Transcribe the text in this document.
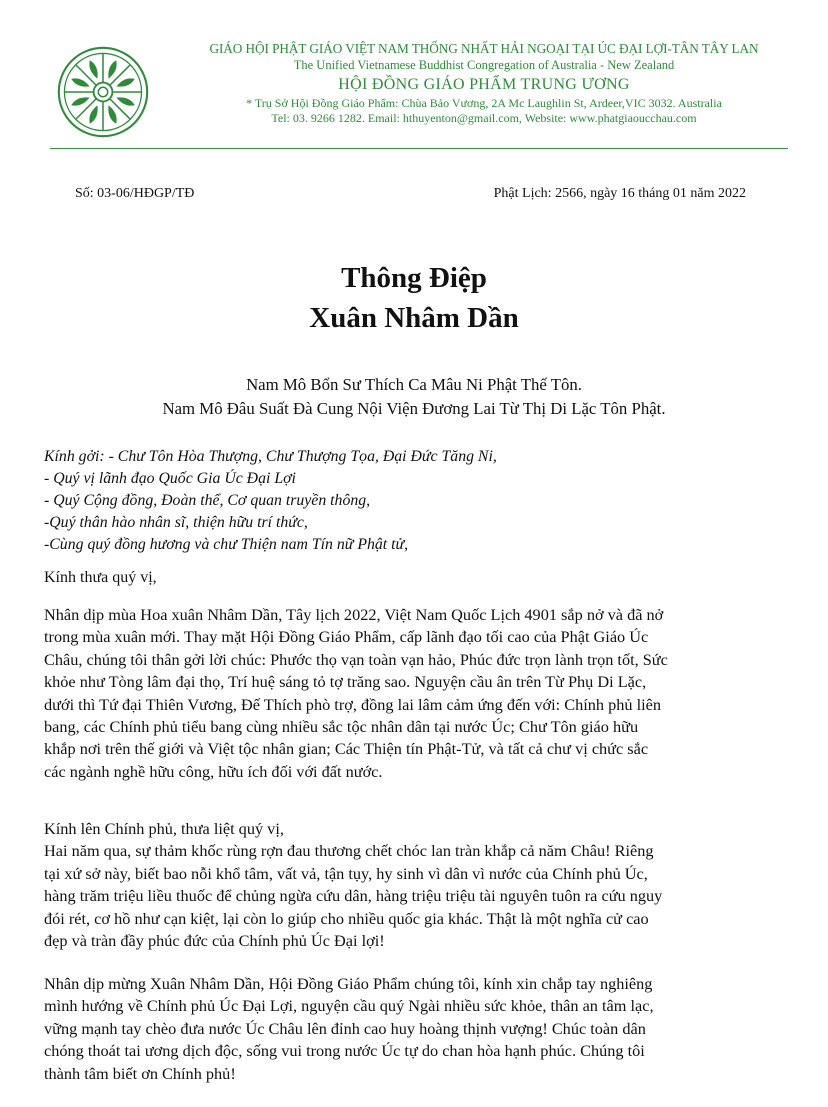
GIÁO HỘI PHẬT GIÁO VIỆT NAM THỐNG NHẤT HẢI NGOẠI TẠI ÚC ĐẠI LỢI-TÂN TÂY LAN
The Unified Vietnamese Buddhist Congregation of Australia - New Zealand
HỘI ĐỒNG GIÁO PHẨM TRUNG ƯƠNG
* Trụ Sở Hội Đồng Giáo Phẩm: Chùa Bảo Vương, 2A Mc Laughlin St, Ardeer,VIC 3032. Australia
Tel: 03. 9266 1282. Email: hthuyenton@gmail.com, Website: www.phatgiaoucchau.com
Số: 03-06/HĐGP/TĐ	Phật Lịch: 2566, ngày 16 tháng 01 năm 2022
Thông Điệp
Xuân Nhâm Dần
Nam Mô Bổn Sư Thích Ca Mâu Ni Phật Thế Tôn.
Nam Mô Đâu Suất Đà Cung Nội Viện Đương Lai Từ Thị Di Lặc Tôn Phật.
Kính gởi: - Chư Tôn Hòa Thượng, Chư Thượng Tọa, Đại Đức Tăng Ni,
- Quý vị lãnh đạo Quốc Gia Úc Đại Lợi
- Quý Cộng đồng, Đoàn thể, Cơ quan truyền thông,
-Quý thân hào nhân sĩ, thiện hữu trí thức,
-Cùng quý đồng hương và chư Thiện nam Tín nữ Phật tử,
Kính thưa quý vị,
Nhân dịp mùa Hoa xuân Nhâm Dần, Tây lịch 2022, Việt Nam Quốc Lịch 4901 sắp nở và đã nở
trong mùa xuân mới. Thay mặt Hội Đồng Giáo Phẩm, cấp lãnh đạo tối cao của Phật Giáo Úc
Châu, chúng tôi thân gởi lời chúc: Phước thọ vạn toàn vạn hảo, Phúc đức trọn lành trọn tốt, Sức
khỏe như Tòng lâm đại thọ, Trí huệ sáng tỏ tợ trăng sao. Nguyện cầu ân trên Từ Phụ Di Lặc,
dưới thì Tứ đại Thiên Vương, Đế Thích phò trợ, đồng lai lâm cảm ứng đến với: Chính phủ liên
bang, các Chính phủ tiểu bang cùng nhiều sắc tộc nhân dân tại nước Úc; Chư Tôn giáo hữu
khắp nơi trên thế giới và Việt tộc nhân gian; Các Thiện tín Phật-Tử, và tất cả chư vị chức sắc
các ngành nghề hữu công, hữu ích đối với đất nước.
Kính lên Chính phủ, thưa liệt quý vị,
Hai năm qua, sự thảm khốc rùng rợn đau thương chết chóc lan tràn khắp cả năm Châu! Riêng
tại xứ sở này, biết bao nỗi khổ tâm, vất vả, tận tụy, hy sinh vì dân vì nước của Chính phủ Úc,
hàng trăm triệu liều thuốc để chủng ngừa cứu dân, hàng triệu triệu tài nguyên tuôn ra cứu nguy
đói rét, cơ hồ như cạn kiệt, lại còn lo giúp cho nhiều quốc gia khác. Thật là một nghĩa cử cao
đẹp và tràn đầy phúc đức của Chính phủ Úc Đại lợi!
Nhân dịp mừng Xuân Nhâm Dần, Hội Đồng Giáo Phẩm chúng tôi, kính xin chắp tay nghiêng
mình hướng về Chính phủ Úc Đại Lợi, nguyện cầu quý Ngài nhiều sức khỏe, thân an tâm lạc,
vững mạnh tay chèo đưa nước Úc Châu lên đỉnh cao huy hoàng thịnh vượng! Chúc toàn dân
chóng thoát tai ương dịch độc, sống vui trong nước Úc tự do chan hòa hạnh phúc. Chúng tôi
thành tâm biết ơn Chính phủ!
